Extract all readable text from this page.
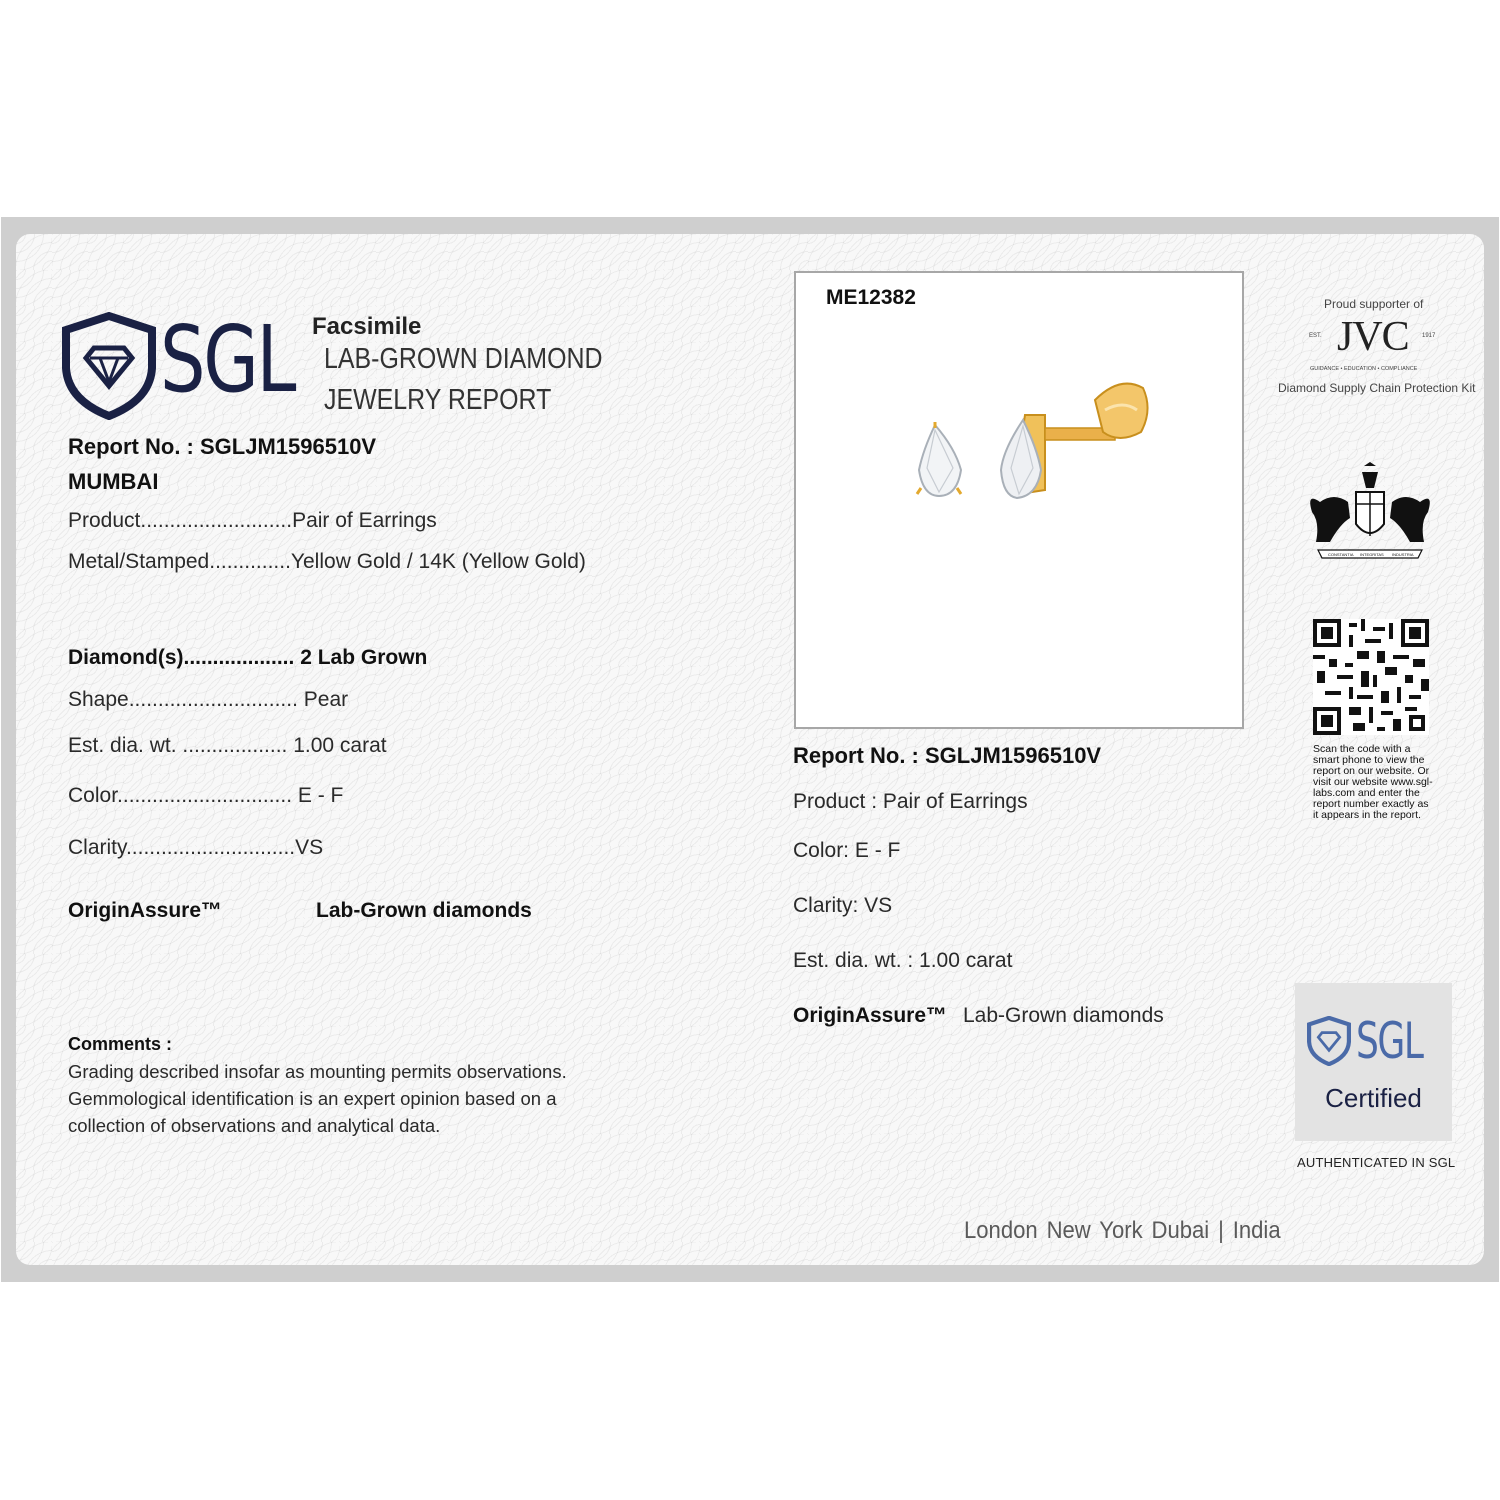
SGL Facsimile
LAB-GROWN DIAMOND
JEWELRY REPORT
Report No. : SGLJM1596510V
MUMBAI
Product..........................Pair of Earrings
Metal/Stamped..............Yellow Gold / 14K (Yellow Gold)
Diamond(s)................... 2 Lab Grown
Shape............................. Pear
Est. dia. wt. .................. 1.00 carat
Color.............................. E - F
Clarity.............................VS
OriginAssure™	Lab-Grown diamonds
Comments :
Grading described insofar as mounting permits observations.
Gemmological identification is an expert opinion based on a
collection of observations and analytical data.
ME12382
Report No. : SGLJM1596510V
Product : Pair of Earrings
Color: E - F
Clarity: VS
Est. dia. wt. : 1.00 carat
OriginAssure™ Lab-Grown diamonds
Proud supporter of
EST. JVC 1917
GUIDANCE • EDUCATION • COMPLIANCE
Diamond Supply Chain Protection Kit
CONSTANTIA INTEGRITAS INDUSTRIA
Scan the code with a smart phone to view the report on our website. Or visit our website www.sgl-labs.com and enter the report number exactly as it appears in the report.
SGL
Certified
AUTHENTICATED IN SGL
London New York Dubai | India
